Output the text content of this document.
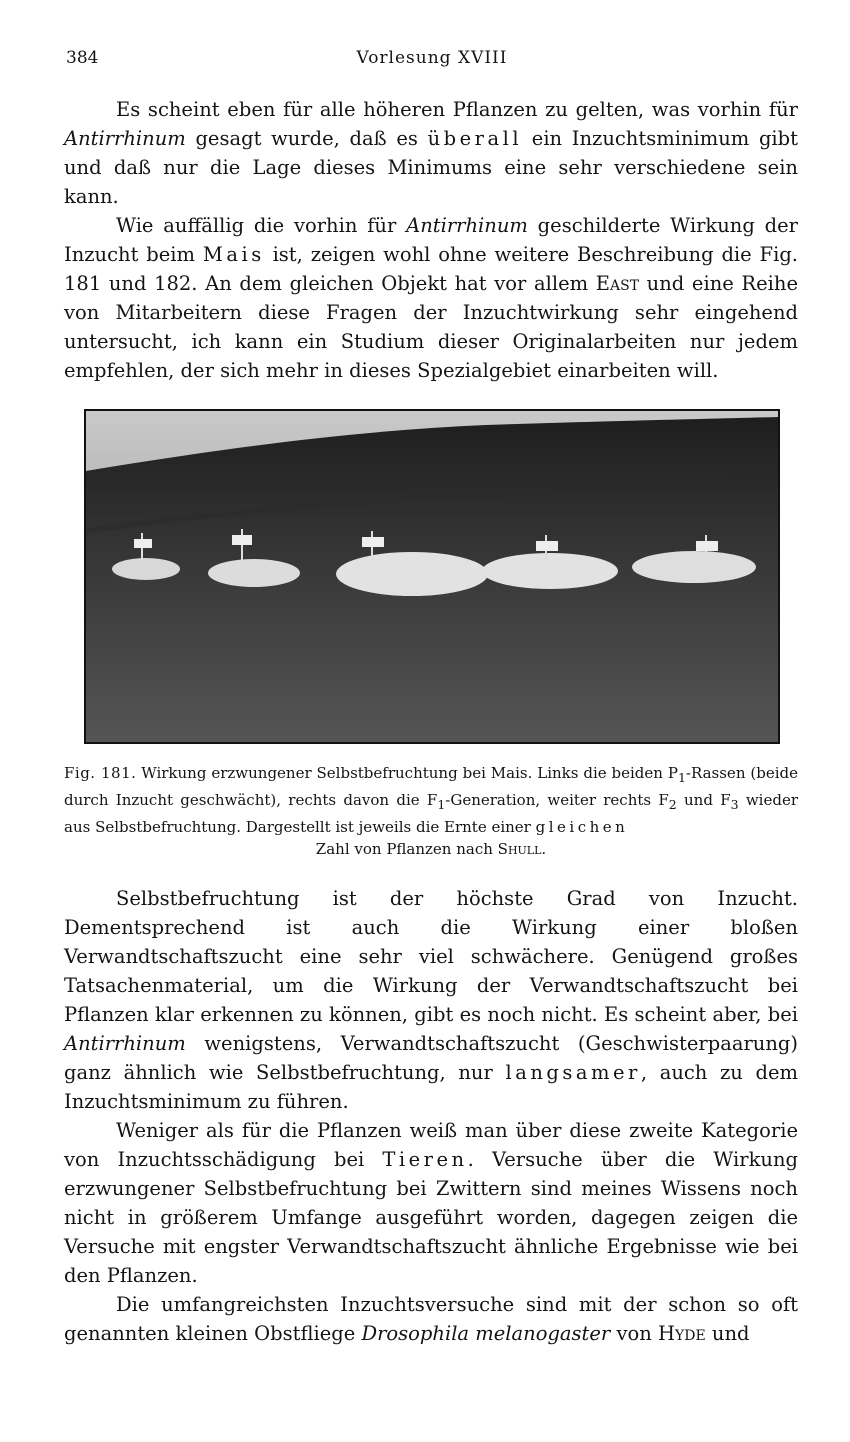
384	Vorlesung XVIII

Es scheint eben für alle höheren Pflanzen zu gelten, was vorhin für Antirrhinum gesagt wurde, daß es überall ein Inzuchtsminimum gibt und daß nur die Lage dieses Minimums eine sehr verschiedene sein kann.

Wie auffällig die vorhin für Antirrhinum geschilderte Wirkung der Inzucht beim Mais ist, zeigen wohl ohne weitere Beschreibung die Fig. 181 und 182. An dem gleichen Objekt hat vor allem East und eine Reihe von Mitarbeitern diese Fragen der Inzuchtwirkung sehr eingehend untersucht, ich kann ein Studium dieser Originalarbeiten nur jedem empfehlen, der sich mehr in dieses Spezialgebiet einarbeiten will.

Fig. 181. Wirkung erzwungener Selbstbefruchtung bei Mais. Links die beiden $P_1$-Rassen (beide durch Inzucht geschwächt), rechts davon die $F_1$-Generation, weiter rechts $F_2$ und $F_3$ wieder aus Selbstbefruchtung. Dargestellt ist jeweils die Ernte einer gleichen
Zahl von Pflanzen nach Shull.

Selbstbefruchtung ist der höchste Grad von Inzucht. Dementsprechend ist auch die Wirkung einer bloßen Verwandtschaftszucht eine sehr viel schwächere. Genügend großes Tatsachenmaterial, um die Wirkung der Verwandtschaftszucht bei Pflanzen klar erkennen zu können, gibt es noch nicht. Es scheint aber, bei Antirrhinum wenigstens, Verwandtschaftszucht (Geschwisterpaarung) ganz ähnlich wie Selbstbefruchtung, nur langsamer, auch zu dem Inzuchtsminimum zu führen.

Weniger als für die Pflanzen weiß man über diese zweite Kategorie von Inzuchtsschädigung bei Tieren. Versuche über die Wirkung erzwungener Selbstbefruchtung bei Zwittern sind meines Wissens noch nicht in größerem Umfange ausgeführt worden, dagegen zeigen die Versuche mit engster Verwandtschaftszucht ähnliche Ergebnisse wie bei den Pflanzen.

Die umfangreichsten Inzuchtsversuche sind mit der schon so oft genannten kleinen Obstfliege Drosophila melanogaster von Hyde und
